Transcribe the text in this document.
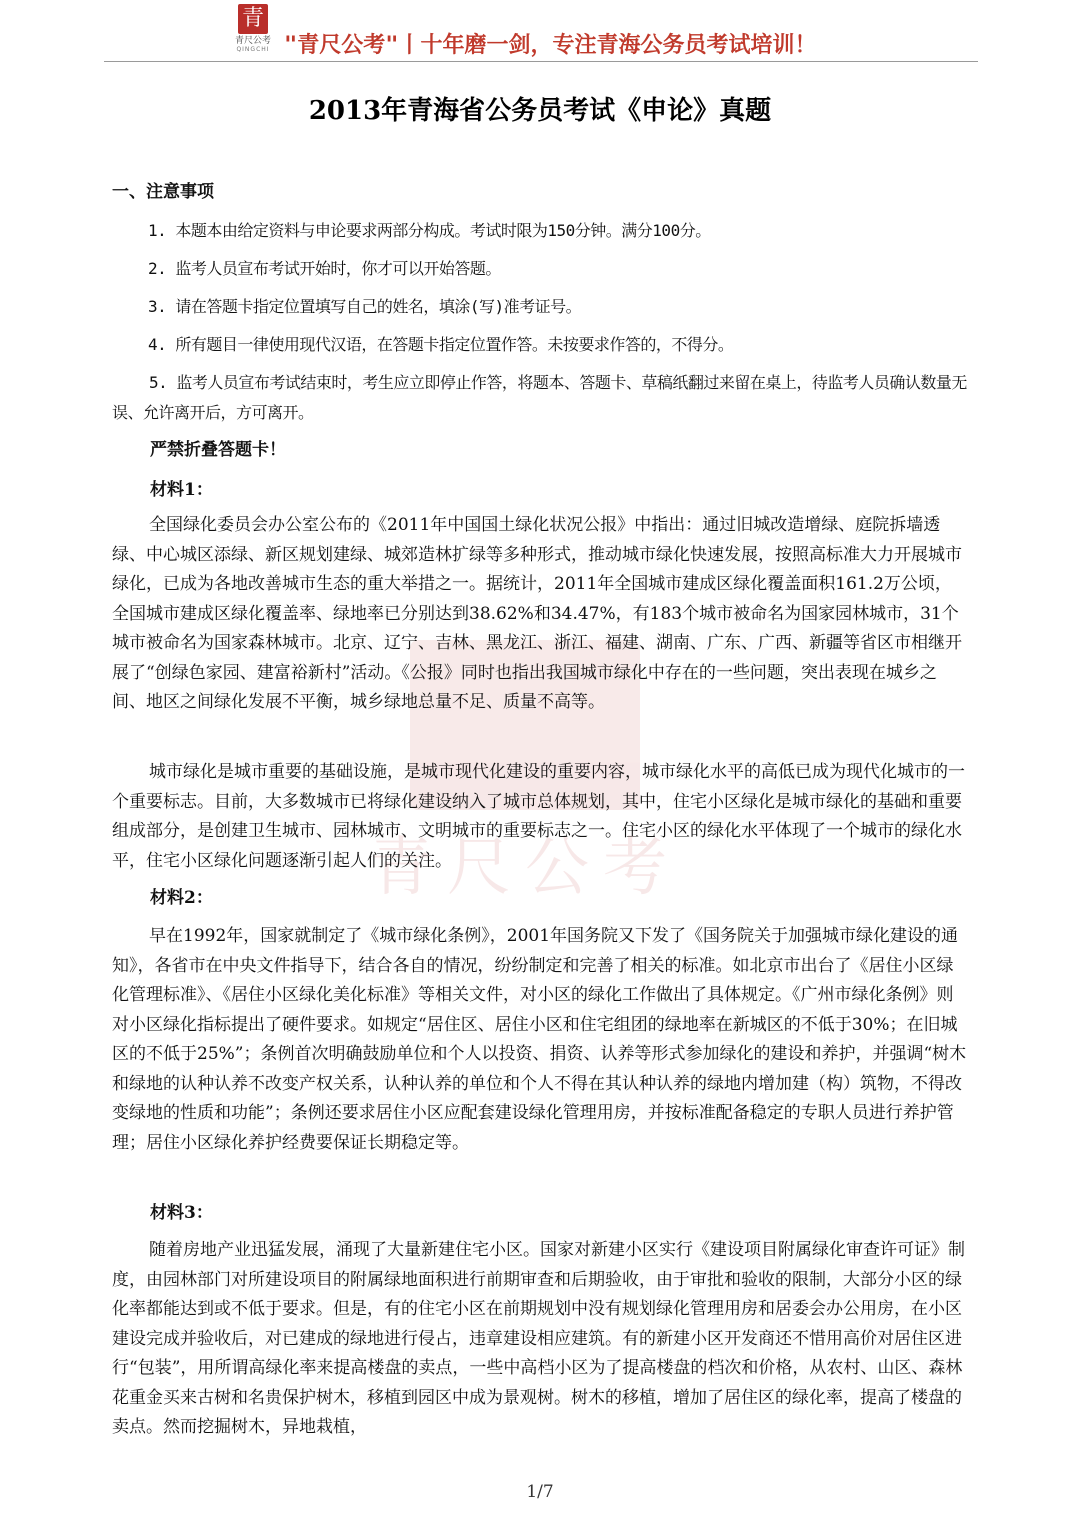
青
青尺公考
QINGCHI "青尺公考"丨十年磨一剑，专注青海公务员考试培训！
青尺公考
2013年青海省公务员考试《申论》真题

一、注意事项

1. 本题本由给定资料与申论要求两部分构成。考试时限为150分钟。满分100分。

2. 监考人员宣布考试开始时，你才可以开始答题。

3. 请在答题卡指定位置填写自己的姓名，填涂(写)准考证号。

4. 所有题目一律使用现代汉语，在答题卡指定位置作答。未按要求作答的，不得分。

5. 监考人员宣布考试结束时，考生应立即停止作答，将题本、答题卡、草稿纸翻过来留在桌上，待监考人员确认数量无误、允许离开后，方可离开。

严禁折叠答题卡！

材料1：

全国绿化委员会办公室公布的《2011年中国国土绿化状况公报》中指出：通过旧城改造增绿、庭院拆墙透绿、中心城区添绿、新区规划建绿、城郊造林扩绿等多种形式，推动城市绿化快速发展，按照高标准大力开展城市绿化，已成为各地改善城市生态的重大举措之一。据统计，2011年全国城市建成区绿化覆盖面积161.2万公顷，全国城市建成区绿化覆盖率、绿地率已分别达到38.62%和34.47%，有183个城市被命名为国家园林城市，31个城市被命名为国家森林城市。北京、辽宁、吉林、黑龙江、浙江、福建、湖南、广东、广西、新疆等省区市相继开展了“创绿色家园、建富裕新村”活动。《公报》同时也指出我国城市绿化中存在的一些问题，突出表现在城乡之间、地区之间绿化发展不平衡，城乡绿地总量不足、质量不高等。

城市绿化是城市重要的基础设施，是城市现代化建设的重要内容，城市绿化水平的高低已成为现代化城市的一个重要标志。目前，大多数城市已将绿化建设纳入了城市总体规划，其中，住宅小区绿化是城市绿化的基础和重要组成部分，是创建卫生城市、园林城市、文明城市的重要标志之一。住宅小区的绿化水平体现了一个城市的绿化水平，住宅小区绿化问题逐渐引起人们的关注。

材料2：

早在1992年，国家就制定了《城市绿化条例》，2001年国务院又下发了《国务院关于加强城市绿化建设的通知》，各省市在中央文件指导下，结合各自的情况，纷纷制定和完善了相关的标准。如北京市出台了《居住小区绿化管理标准》、《居住小区绿化美化标准》等相关文件，对小区的绿化工作做出了具体规定。《广州市绿化条例》则对小区绿化指标提出了硬件要求。如规定“居住区、居住小区和住宅组团的绿地率在新城区的不低于30%；在旧城区的不低于25%”；条例首次明确鼓励单位和个人以投资、捐资、认养等形式参加绿化的建设和养护，并强调“树木和绿地的认种认养不改变产权关系，认种认养的单位和个人不得在其认种认养的绿地内增加建（构）筑物，不得改变绿地的性质和功能”；条例还要求居住小区应配套建设绿化管理用房，并按标准配备稳定的专职人员进行养护管理；居住小区绿化养护经费要保证长期稳定等。

材料3：

随着房地产业迅猛发展，涌现了大量新建住宅小区。国家对新建小区实行《建设项目附属绿化审查许可证》制度，由园林部门对所建设项目的附属绿地面积进行前期审查和后期验收，由于审批和验收的限制，大部分小区的绿化率都能达到或不低于要求。但是，有的住宅小区在前期规划中没有规划绿化管理用房和居委会办公用房，在小区建设完成并验收后，对已建成的绿地进行侵占，违章建设相应建筑。有的新建小区开发商还不惜用高价对居住区进行“包装”，用所谓高绿化率来提高楼盘的卖点，一些中高档小区为了提高楼盘的档次和价格，从农村、山区、森林花重金买来古树和名贵保护树木，移植到园区中成为景观树。树木的移植，增加了居住区的绿化率，提高了楼盘的卖点。然而挖掘树木，异地栽植，

1/7
